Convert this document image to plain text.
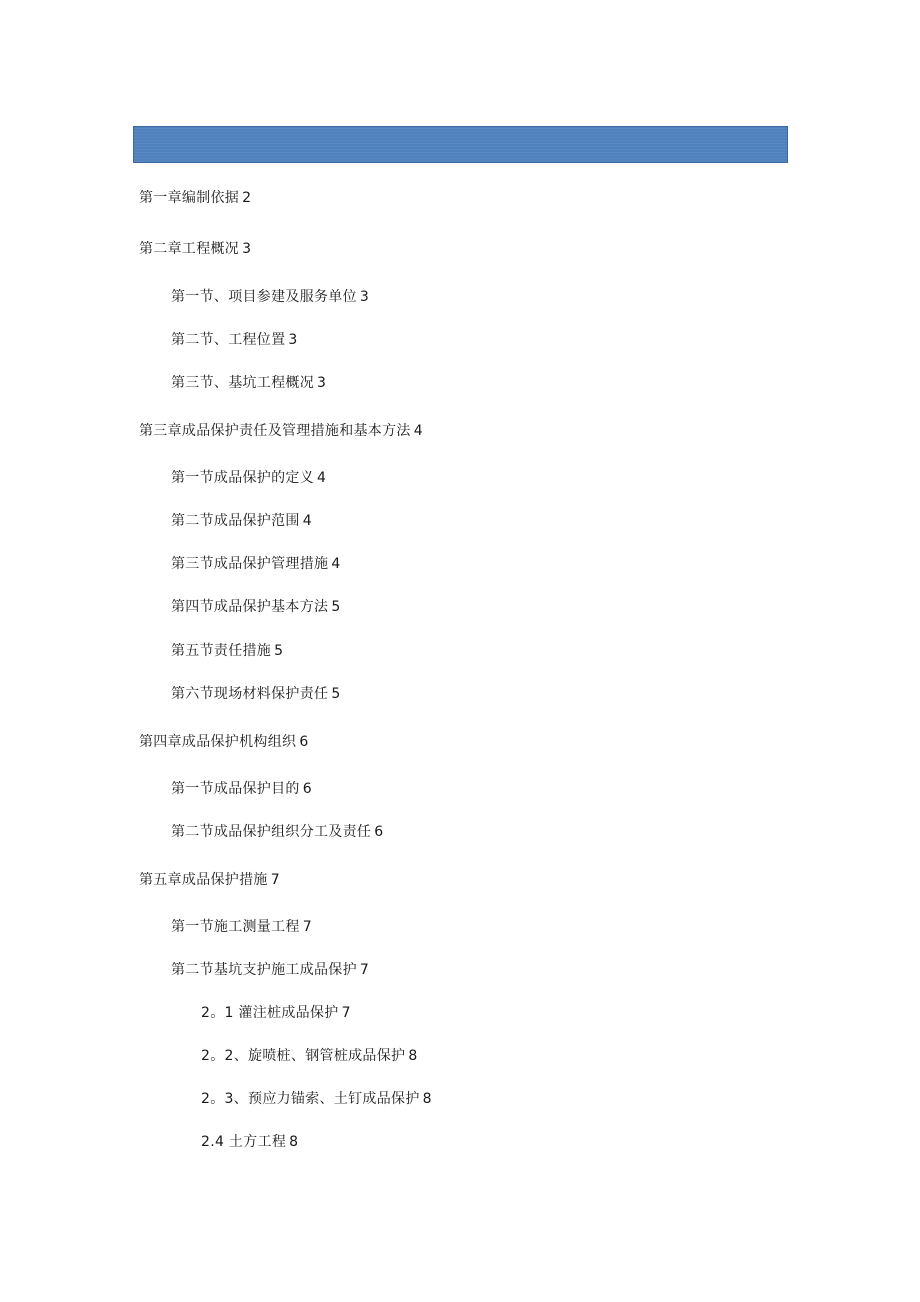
第一章编制依据 2
第二章工程概况 3
第一节、项目参建及服务单位 3
第二节、工程位置 3
第三节、基坑工程概况 3
第三章成品保护责任及管理措施和基本方法 4
第一节成品保护的定义 4
第二节成品保护范围 4
第三节成品保护管理措施 4
第四节成品保护基本方法 5
第五节责任措施 5
第六节现场材料保护责任 5
第四章成品保护机构组织 6
第一节成品保护目的 6
第二节成品保护组织分工及责任 6
第五章成品保护措施 7
第一节施工测量工程 7
第二节基坑支护施工成品保护 7
2。1 灌注桩成品保护 7
2。2、旋喷桩、钢管桩成品保护 8
2。3、预应力锚索、土钉成品保护 8
2.4 土方工程 8
